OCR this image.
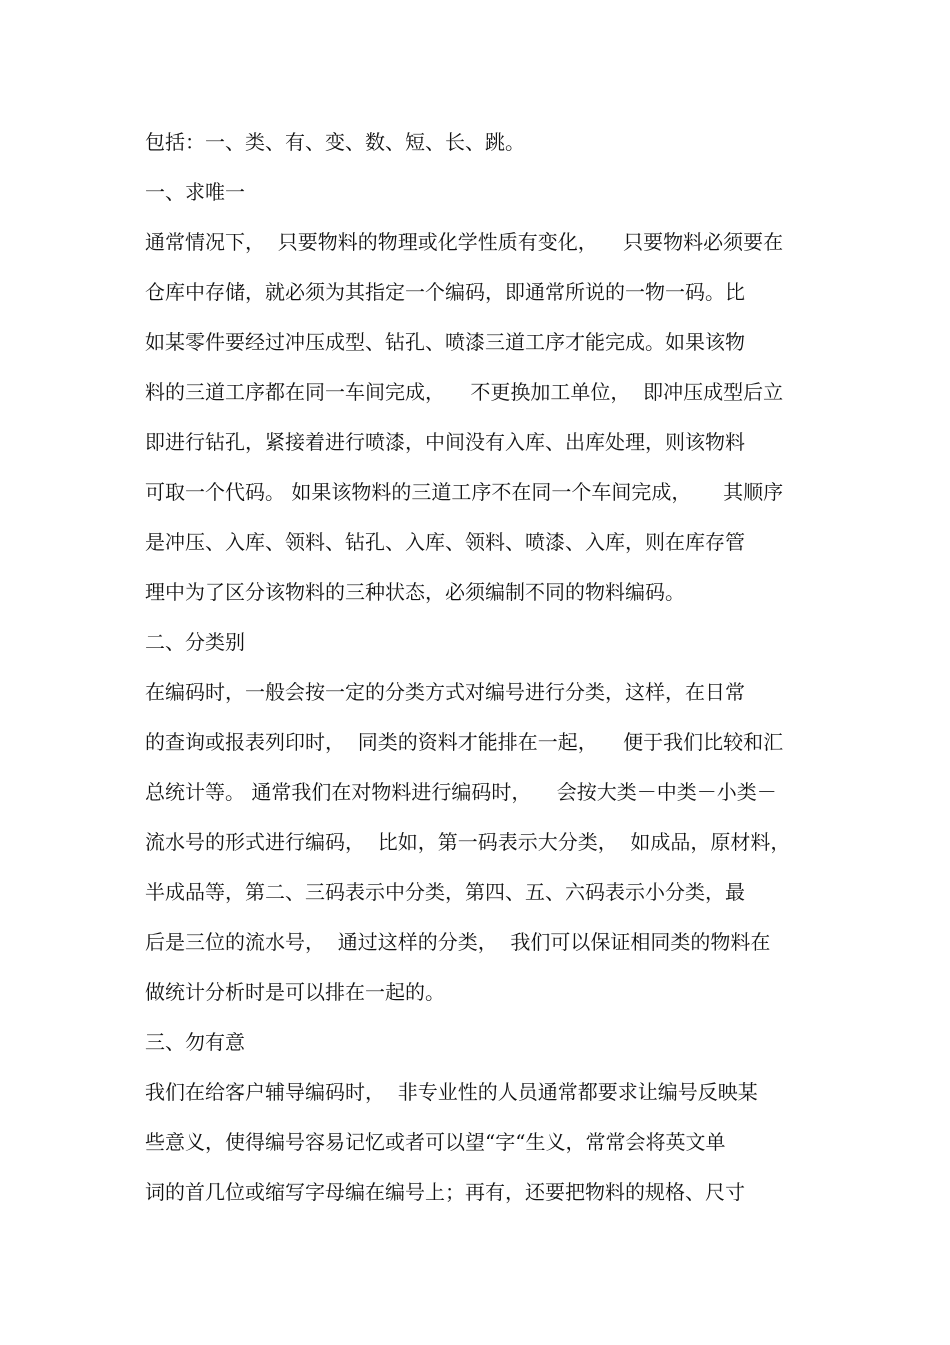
包括：一、类、有、变、数、短、长、跳。
一、求唯一
通常情况下，  只要物料的物理或化学性质有变化，    只要物料必须要在
仓库中存储，就必须为其指定一个编码，即通常所说的一物一码。比
如某零件要经过冲压成型、钻孔、喷漆三道工序才能完成。如果该物
料的三道工序都在同一车间完成，    不更换加工单位，  即冲压成型后立
即进行钻孔，紧接着进行喷漆，中间没有入库、出库处理，则该物料
可取一个代码。 如果该物料的三道工序不在同一个车间完成，     其顺序
是冲压、入库、领料、钻孔、入库、领料、喷漆、入库，则在库存管
理中为了区分该物料的三种状态，必须编制不同的物料编码。
二、分类别
在编码时，一般会按一定的分类方式对编号进行分类，这样，在日常
的查询或报表列印时，  同类的资料才能排在一起，    便于我们比较和汇
总统计等。 通常我们在对物料进行编码时，    会按大类－中类－小类－
流水号的形式进行编码，  比如，第一码表示大分类，  如成品，原材料，
半成品等，第二、三码表示中分类，第四、五、六码表示小分类，最
后是三位的流水号，  通过这样的分类，  我们可以保证相同类的物料在
做统计分析时是可以排在一起的。
三、勿有意
我们在给客户辅导编码时，  非专业性的人员通常都要求让编号反映某
些意义，使得编号容易记忆或者可以望“字“生义，常常会将英文单
词的首几位或缩写字母编在编号上；再有，还要把物料的规格、尺寸
